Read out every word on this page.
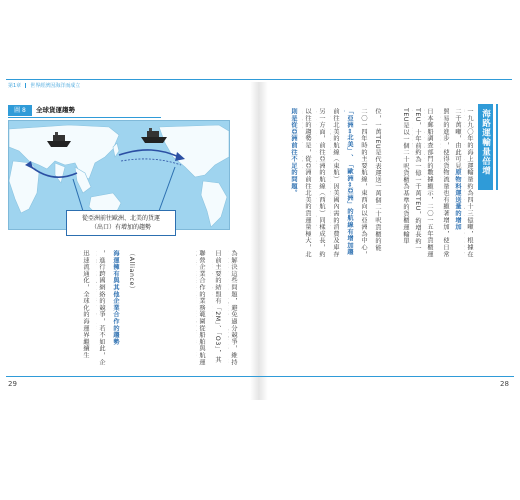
第1章 世界經濟因海洋而成立
圖 8	全球貨運趨勢
從亞洲前往歐洲、北美的貨運
（出口）有增加的趨勢
海路運輸量倍增
一九九〇年的海上運輸量約為四十三億噸，根據在
二千萬噸，由此可見原物料運送量的增加
貿易的進步，使得貨物流量也有顯著增加，使日常
日本郵船調查部門的數據顯示，二〇一五年貨櫃運
TEU，十年前約為一億一千萬TEU，約增長約一
TEU是以一個二十呎貨櫃為基準的貨櫃運輸單
位，一萬TEU是代表運送一萬個二十呎貨櫃的能
二〇一四年時的主要航線，東西向以亞洲為中心，
「亞洲⇔北美」、「歐洲⇔亞洲」的航線有增加趨
前往北美的航線（東航）因美國內需的消費及庫存
另一方面，前往亞洲的航線（西航）同樣成長，約
以往的趨勢是，從亞洲前往北美的貨運量極大，北
則是從亞洲前往不足的問題。
為解決這些問題，避免過分競爭，維持
目前主要的結盟有「2M」、「O3」，其
聯營企業合作的業務範圍從船舶與航運
（Alliance）
海運擁有與其他企業合作的趨勢
，進行跨國網絡的競爭，若不如此，企
迅速流通化，全球化的海運界繼續生
29	28
